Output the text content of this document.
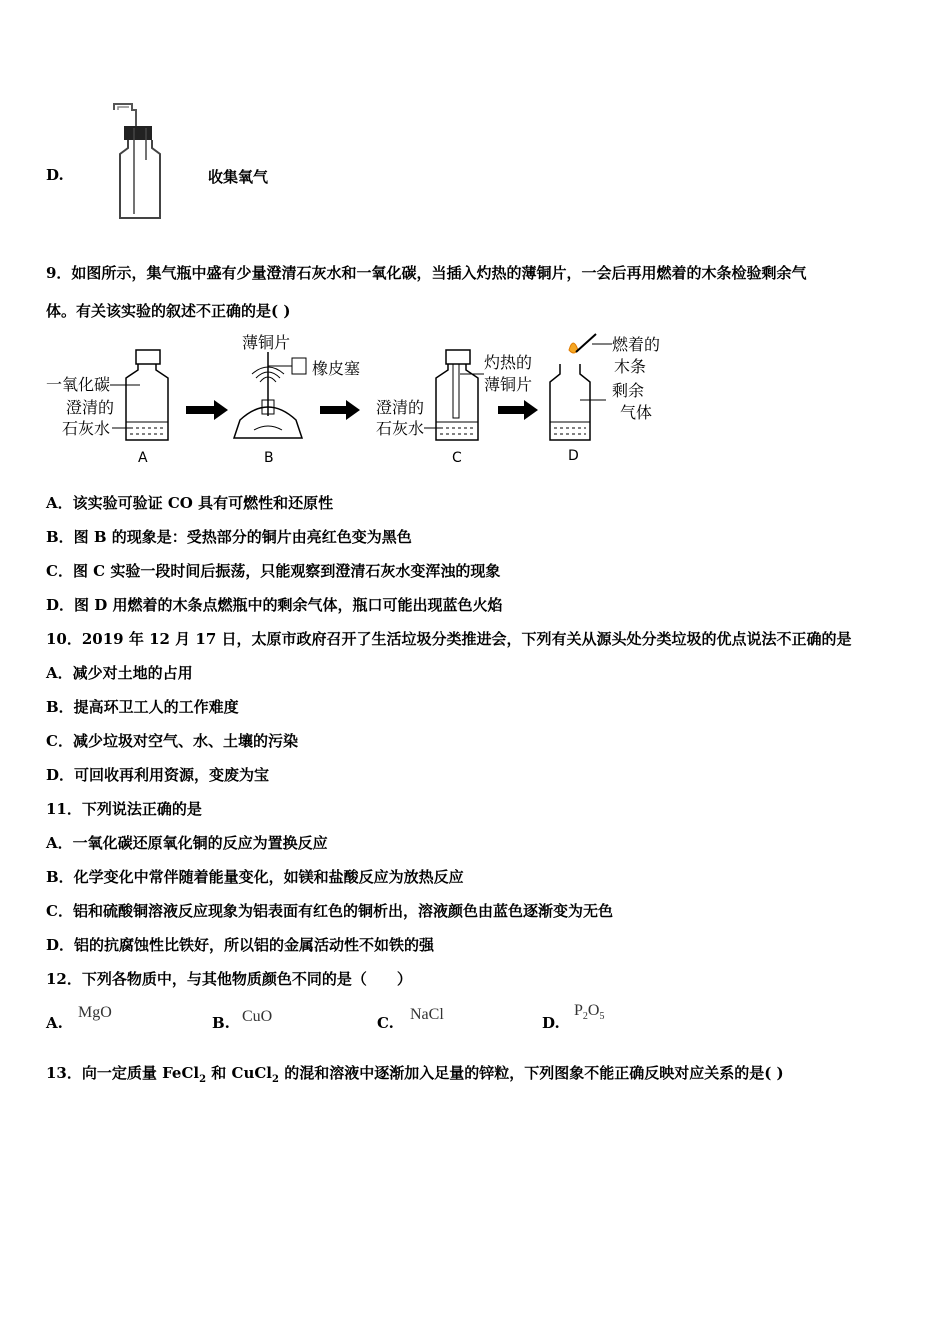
D.	收集氧气
9．如图所示，集气瓶中盛有少量澄清石灰水和一氧化碳，当插入灼热的薄铜片，一会后再用燃着的木条检验剩余气
体。有关该实验的叙述不正确的是( )
一氧化碳
澄清的
石灰水
A
薄铜片
橡皮塞
B
澄清的
石灰水
灼热的
薄铜片
C
燃着的
木条
剩余
气体
D
A．该实验可验证 CO 具有可燃性和还原性
B．图 B 的现象是：受热部分的铜片由亮红色变为黑色
C．图 C 实验一段时间后振荡，只能观察到澄清石灰水变浑浊的现象
D．图 D 用燃着的木条点燃瓶中的剩余气体，瓶口可能出现蓝色火焰
10．2019 年 12 月 17 日，太原市政府召开了生活垃圾分类推进会，下列有关从源头处分类垃圾的优点说法不正确的是
A．减少对土地的占用
B．提高环卫工人的工作难度
C．减少垃圾对空气、水、土壤的污染
D．可回收再利用资源，变废为宝
11．下列说法正确的是
A．一氧化碳还原氧化铜的反应为置换反应
B．化学变化中常伴随着能量变化，如镁和盐酸反应为放热反应
C．铝和硫酸铜溶液反应现象为铝表面有红色的铜析出，溶液颜色由蓝色逐渐变为无色
D．铝的抗腐蚀性比铁好，所以铝的金属活动性不如铁的强
12．下列各物质中，与其他物质颜色不同的是（　　）
A.
MgO
B. CuO	C. NaCl	D.
$P_2O_5$
13．向一定质量 FeCl$_2$ 和 CuCl$_2$ 的混和溶液中逐渐加入足量的锌粒，下列图象不能正确反映对应关系的是( )
